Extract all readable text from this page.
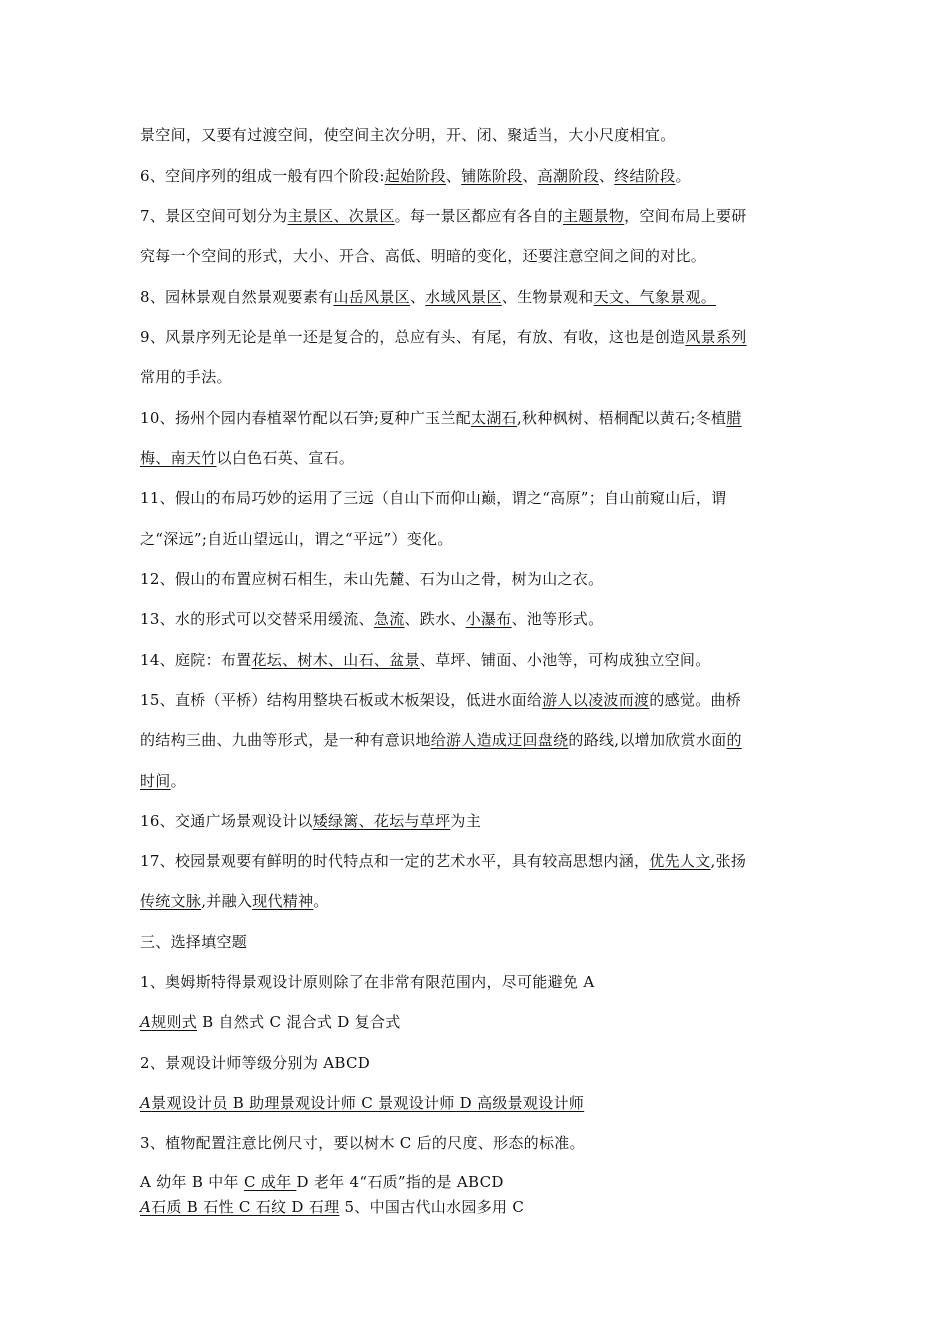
景空间，又要有过渡空间，使空间主次分明，开、闭、聚适当，大小尺度相宜。
6、空间序列的组成一般有四个阶段:起始阶段、铺陈阶段、高潮阶段、终结阶段。
7、景区空间可划分为主景区、次景区。每一景区都应有各自的主题景物，空间布局上要研
究每一个空间的形式，大小、开合、高低、明暗的变化，还要注意空间之间的对比。
8、园林景观自然景观要素有山岳风景区、水域风景区、生物景观和天文、气象景观。
9、风景序列无论是单一还是复合的，总应有头、有尾，有放、有收，这也是创造风景系列
常用的手法。
10、扬州个园内春植翠竹配以石笋;夏种广玉兰配太湖石,秋种枫树、梧桐配以黄石;冬植腊
梅、南天竹以白色石英、宣石。
11、假山的布局巧妙的运用了三远（自山下而仰山巅，谓之“高原”；自山前窥山后，谓
之“深远”;自近山望远山，谓之“平远”）变化。
12、假山的布置应树石相生，未山先麓、石为山之骨，树为山之衣。
13、水的形式可以交替采用缓流、急流、跌水、小瀑布、池等形式。
14、庭院：布置花坛、树木、山石、盆景、草坪、铺面、小池等，可构成独立空间。
15、直桥（平桥）结构用整块石板或木板架设，低进水面给游人以凌波而渡的感觉。曲桥
的结构三曲、九曲等形式，是一种有意识地给游人造成迂回盘绕的路线,以增加欣赏水面的
时间。
16、交通广场景观设计以矮绿篱、花坛与草坪为主
17、校园景观要有鲜明的时代特点和一定的艺术水平，具有较高思想内涵，优先人文,张扬
传统文脉,并融入现代精神。
三、选择填空题
1、奥姆斯特得景观设计原则除了在非常有限范围内，尽可能避免 A
A规则式 B 自然式 C 混合式 D 复合式
2、景观设计师等级分别为 ABCD
A景观设计员 B 助理景观设计师 C 景观设计师 D 高级景观设计师
3、植物配置注意比例尺寸，要以树木 C 后的尺度、形态的标准。
A 幼年 B 中年 C 成年 D 老年 4“石质”指的是 ABCD
A石质 B 石性 C 石纹 D 石理 5、中国古代山水园多用 C
